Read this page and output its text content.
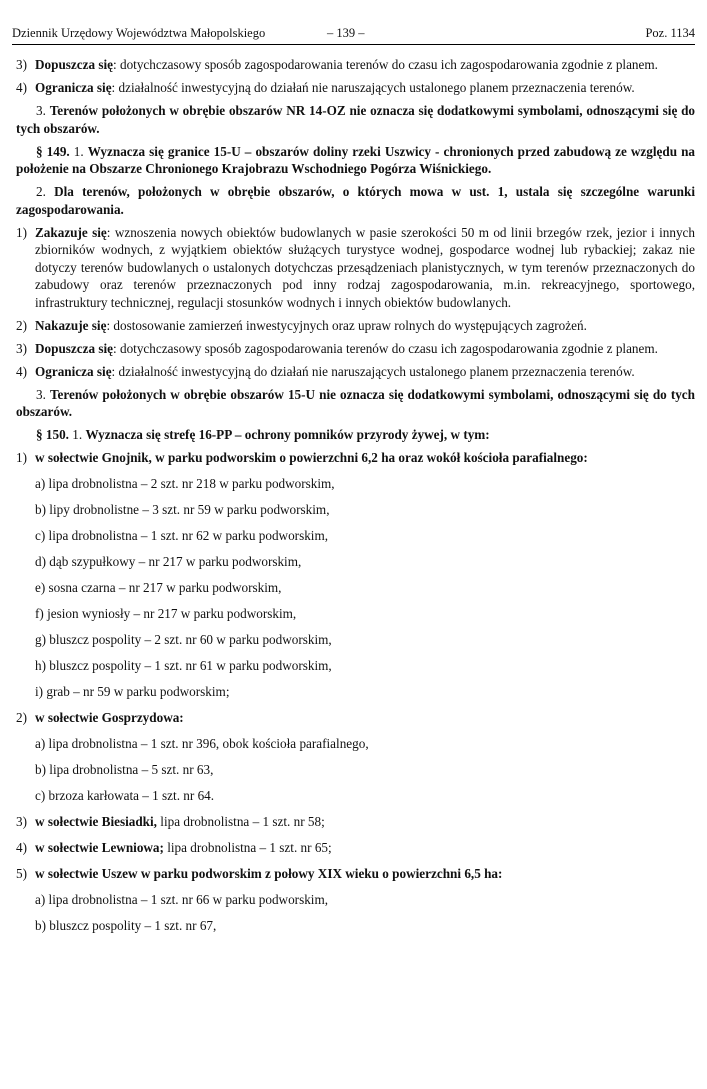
Dziennik Urzędowy Województwa Małopolskiego	– 139 –	Poz. 1134
3) Dopuszcza się: dotychczasowy sposób zagospodarowania terenów do czasu ich zagospodarowania zgodnie z planem.
4) Ogranicza się: działalność inwestycyjną do działań nie naruszających ustalonego planem przeznaczenia terenów.

3. Terenów położonych w obrębie obszarów NR 14-OZ nie oznacza się dodatkowymi symbolami, odnoszącymi się do tych obszarów.

§ 149. 1. Wyznacza się granice 15-U – obszarów doliny rzeki Uszwicy - chronionych przed zabudową ze względu na położenie na Obszarze Chronionego Krajobrazu Wschodniego Pogórza Wiśnickiego.

2. Dla terenów, położonych w obrębie obszarów, o których mowa w ust. 1, ustala się szczególne warunki zagospodarowania.

1) Zakazuje się: wznoszenia nowych obiektów budowlanych w pasie szerokości 50 m od linii brzegów rzek, jezior i innych zbiorników wodnych, z wyjątkiem obiektów służących turystyce wodnej, gospodarce wodnej lub rybackiej; zakaz nie dotyczy terenów budowlanych o ustalonych dotychczas przesądzeniach planistycznych, w tym terenów przeznaczonych do zabudowy oraz terenów przeznaczonych pod inny rodzaj zagospodarowania, m.in. rekreacyjnego, sportowego, infrastruktury technicznej, regulacji stosunków wodnych i innych obiektów budowlanych.
2) Nakazuje się: dostosowanie zamierzeń inwestycyjnych oraz upraw rolnych do występujących zagrożeń.
3) Dopuszcza się: dotychczasowy sposób zagospodarowania terenów do czasu ich zagospodarowania zgodnie z planem.
4) Ogranicza się: działalność inwestycyjną do działań nie naruszających ustalonego planem przeznaczenia terenów.

3. Terenów położonych w obrębie obszarów 15-U nie oznacza się dodatkowymi symbolami, odnoszącymi się do tych obszarów.

§ 150. 1. Wyznacza się strefę 16-PP – ochrony pomników przyrody żywej, w tym:

1) w sołectwie Gnojnik, w parku podworskim o powierzchni 6,2 ha oraz wokół kościoła parafialnego:
a) lipa drobnolistna – 2 szt. nr 218 w parku podworskim,
b) lipy drobnolistne – 3 szt. nr 59 w parku podworskim,
c) lipa drobnolistna – 1 szt. nr 62 w parku podworskim,
d) dąb szypułkowy – nr 217 w parku podworskim,
e) sosna czarna – nr 217 w parku podworskim,
f) jesion wyniosły – nr 217 w parku podworskim,
g) bluszcz pospolity – 2 szt. nr 60 w parku podworskim,
h) bluszcz pospolity – 1 szt. nr 61 w parku podworskim,
i) grab – nr 59 w parku podworskim;
2) w sołectwie Gosprzydowa:
a) lipa drobnolistna – 1 szt. nr 396, obok kościoła parafialnego,
b) lipa drobnolistna – 5 szt. nr 63,
c) brzoza karłowata – 1 szt. nr 64.
3) w sołectwie Biesiadki, lipa drobnolistna – 1 szt. nr 58;
4) w sołectwie Lewniowa; lipa drobnolistna – 1 szt. nr 65;
5) w sołectwie Uszew w parku podworskim z połowy XIX wieku o powierzchni 6,5 ha:
a) lipa drobnolistna – 1 szt. nr 66 w parku podworskim,
b) bluszcz pospolity – 1 szt. nr 67,
